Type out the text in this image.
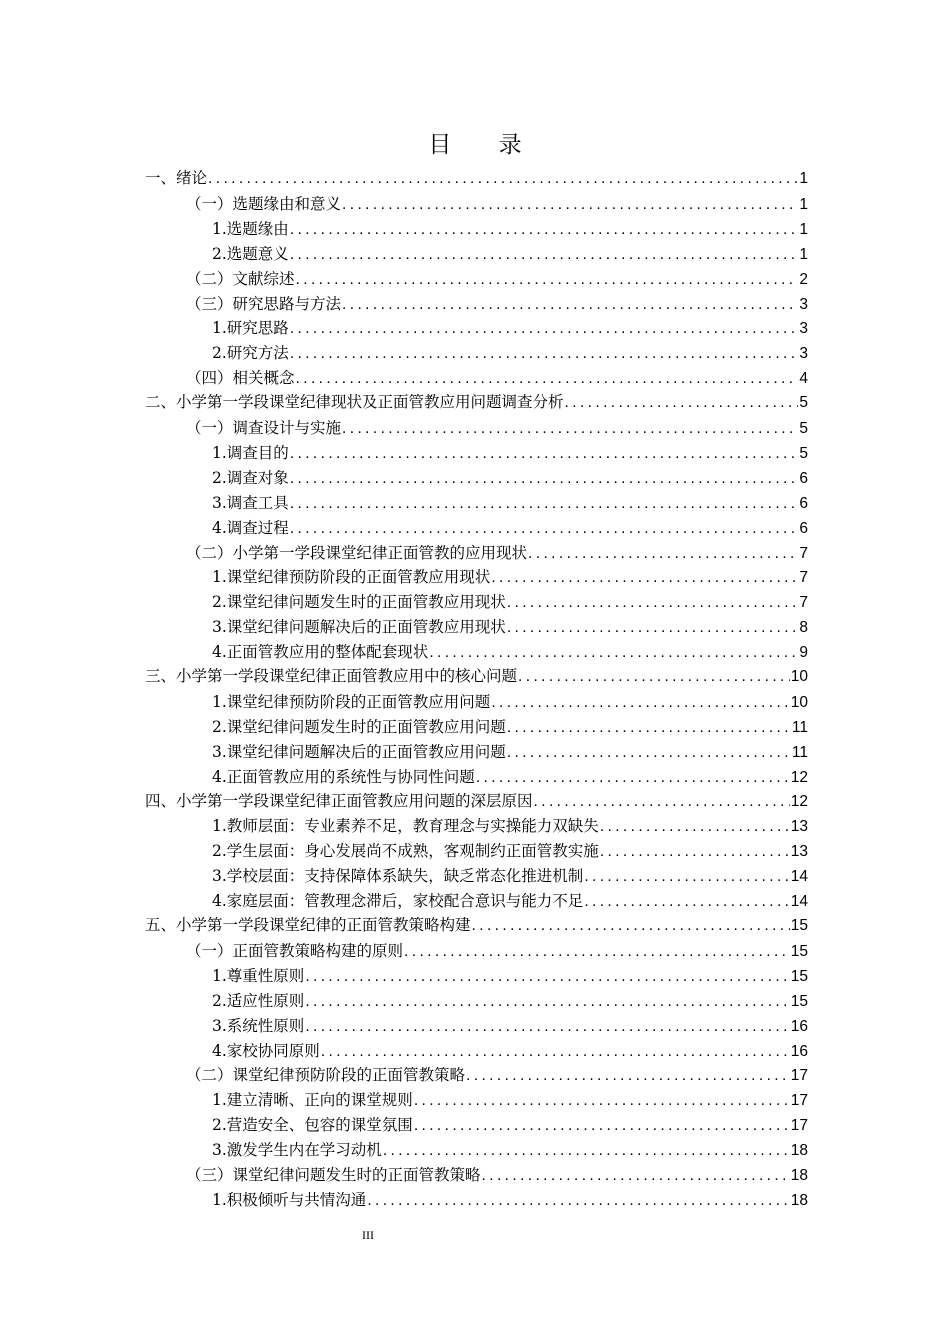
目 录
一、 绪论 .....	1
（一） 选题缘由和意义 .....	1
1. 选题缘由 .....	1
2. 选题意义 .....	1
（二） 文献综述 .....	2
（三） 研究思路与方法 .....	3
1. 研究思路 .....	3
2. 研究方法 .....	3
（四） 相关概念 .....	4
二、 小学第一学段课堂纪律现状及正面管教应用问题调查分析 .....	5
（一） 调查设计与实施 .....	5
1. 调查目的 .....	5
2. 调查对象 .....	6
3. 调查工具 .....	6
4. 调查过程 .....	6
（二） 小学第一学段课堂纪律正面管教的应用现状 .....	7
1. 课堂纪律预防阶段的正面管教应用现状 .....	7
2. 课堂纪律问题发生时的正面管教应用现状 .....	7
3. 课堂纪律问题解决后的正面管教应用现状 .....	8
4. 正面管教应用的整体配套现状 .....	9
三、 小学第一学段课堂纪律正面管教应用中的核心问题 .....	10
1. 课堂纪律预防阶段的正面管教应用问题 .....	10
2. 课堂纪律问题发生时的正面管教应用问题 .....	11
3. 课堂纪律问题解决后的正面管教应用问题 .....	11
4. 正面管教应用的系统性与协同性问题 .....	12
四、 小学第一学段课堂纪律正面管教应用问题的深层原因 .....	12
1. 教师层面：专业素养不足，教育理念与实操能力双缺失 .....	13
2. 学生层面：身心发展尚不成熟，客观制约正面管教实施 .....	13
3. 学校层面：支持保障体系缺失，缺乏常态化推进机制 .....	14
4. 家庭层面：管教理念滞后，家校配合意识与能力不足 .....	14
五、 小学第一学段课堂纪律的正面管教策略构建 .....	15
（一） 正面管教策略构建的原则 .....	15
1. 尊重性原则 .....	15
2. 适应性原则 .....	15
3. 系统性原则 .....	16
4. 家校协同原则 .....	16
（二） 课堂纪律预防阶段的正面管教策略 .....	17
1. 建立清晰、正向的课堂规则 .....	17
2. 营造安全、包容的课堂氛围 .....	17
3. 激发学生内在学习动机 .....	18
（三） 课堂纪律问题发生时的正面管教策略 .....	18
1. 积极倾听与共情沟通 .....	18
III
